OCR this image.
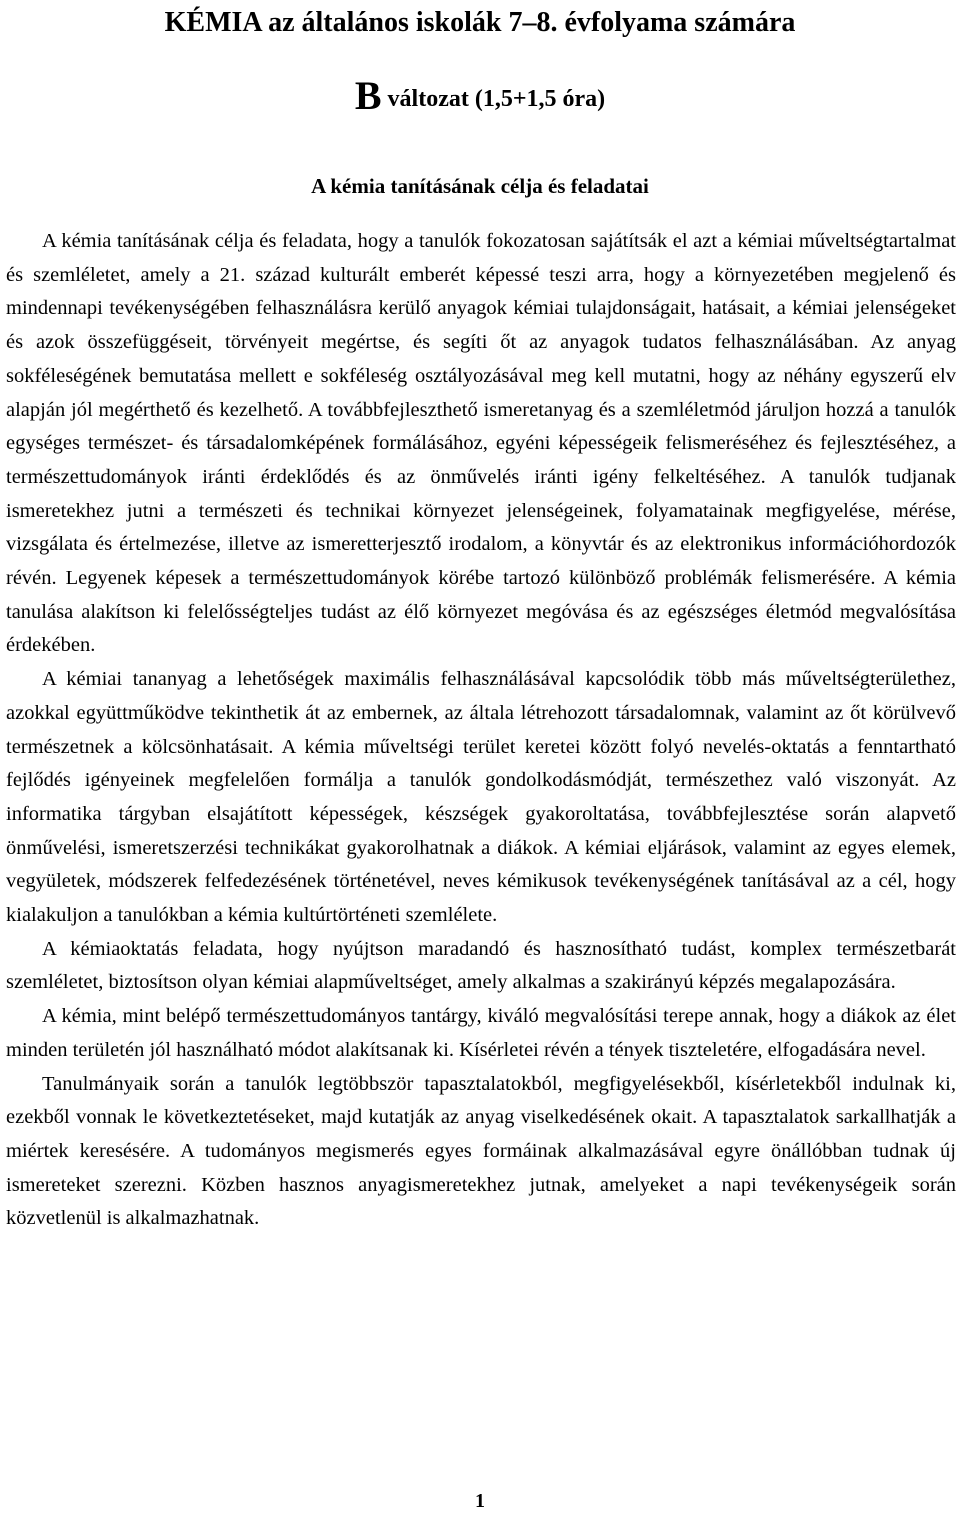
KÉMIA az általános iskolák 7–8. évfolyama számára
B változat (1,5+1,5 óra)
A kémia tanításának célja és feladatai

A kémia tanításának célja és feladata, hogy a tanulók fokozatosan sajátítsák el azt a kémiai műveltségtartalmat és szemléletet, amely a 21. század kulturált emberét képessé teszi arra, hogy a környezetében megjelenő és mindennapi tevékenységében felhasználásra kerülő anyagok kémiai tulajdonságait, hatásait, a kémiai jelenségeket és azok összefüggéseit, törvényeit megértse, és segíti őt az anyagok tudatos felhasználásában. Az anyag sokféleségének bemutatása mellett e sokféleség osztályozásával meg kell mutatni, hogy az néhány egyszerű elv alapján jól megérthető és kezelhető. A továbbfejleszthető ismeretanyag és a szemléletmód járuljon hozzá a tanulók egységes természet- és társadalomképének formálásához, egyéni képességeik felismeréséhez és fejlesztéséhez, a természettudományok iránti érdeklődés és az önművelés iránti igény felkeltéséhez. A tanulók tudjanak ismeretekhez jutni a természeti és technikai környezet jelenségeinek, folyamatainak megfigyelése, mérése, vizsgálata és értelmezése, illetve az ismeretterjesztő irodalom, a könyvtár és az elektronikus információhordozók révén. Legyenek képesek a természettudományok körébe tartozó különböző problémák felismerésére. A kémia tanulása alakítson ki felelősségteljes tudást az élő környezet megóvása és az egészséges életmód megvalósítása érdekében.

A kémiai tananyag a lehetőségek maximális felhasználásával kapcsolódik több más műveltségterülethez, azokkal együttműködve tekinthetik át az embernek, az általa létrehozott társadalomnak, valamint az őt körülvevő természetnek a kölcsönhatásait. A kémia műveltségi terület keretei között folyó nevelés-oktatás a fenntartható fejlődés igényeinek megfelelően formálja a tanulók gondolkodásmódját, természethez való viszonyát. Az informatika tárgyban elsajátított képességek, készségek gyakoroltatása, továbbfejlesztése során alapvető önművelési, ismeretszerzési technikákat gyakorolhatnak a diákok. A kémiai eljárások, valamint az egyes elemek, vegyületek, módszerek felfedezésének történetével, neves kémikusok tevékenységének tanításával az a cél, hogy kialakuljon a tanulókban a kémia kultúrtörténeti szemlélete.

A kémiaoktatás feladata, hogy nyújtson maradandó és hasznosítható tudást, komplex természetbarát szemléletet, biztosítson olyan kémiai alapműveltséget, amely alkalmas a szakirányú képzés megalapozására.

A kémia, mint belépő természettudományos tantárgy, kiváló megvalósítási terepe annak, hogy a diákok az élet minden területén jól használható módot alakítsanak ki. Kísérletei révén a tények tiszteletére, elfogadására nevel.

Tanulmányaik során a tanulók legtöbbször tapasztalatokból, megfigyelésekből, kísérletekből indulnak ki, ezekből vonnak le következtetéseket, majd kutatják az anyag viselkedésének okait. A tapasztalatok sarkallhatják a miértek keresésére. A tudományos megismerés egyes formáinak alkalmazásával egyre önállóbban tudnak új ismereteket szerezni. Közben hasznos anyagismeretekhez jutnak, amelyeket a napi tevékenységeik során közvetlenül is alkalmazhatnak.

1
